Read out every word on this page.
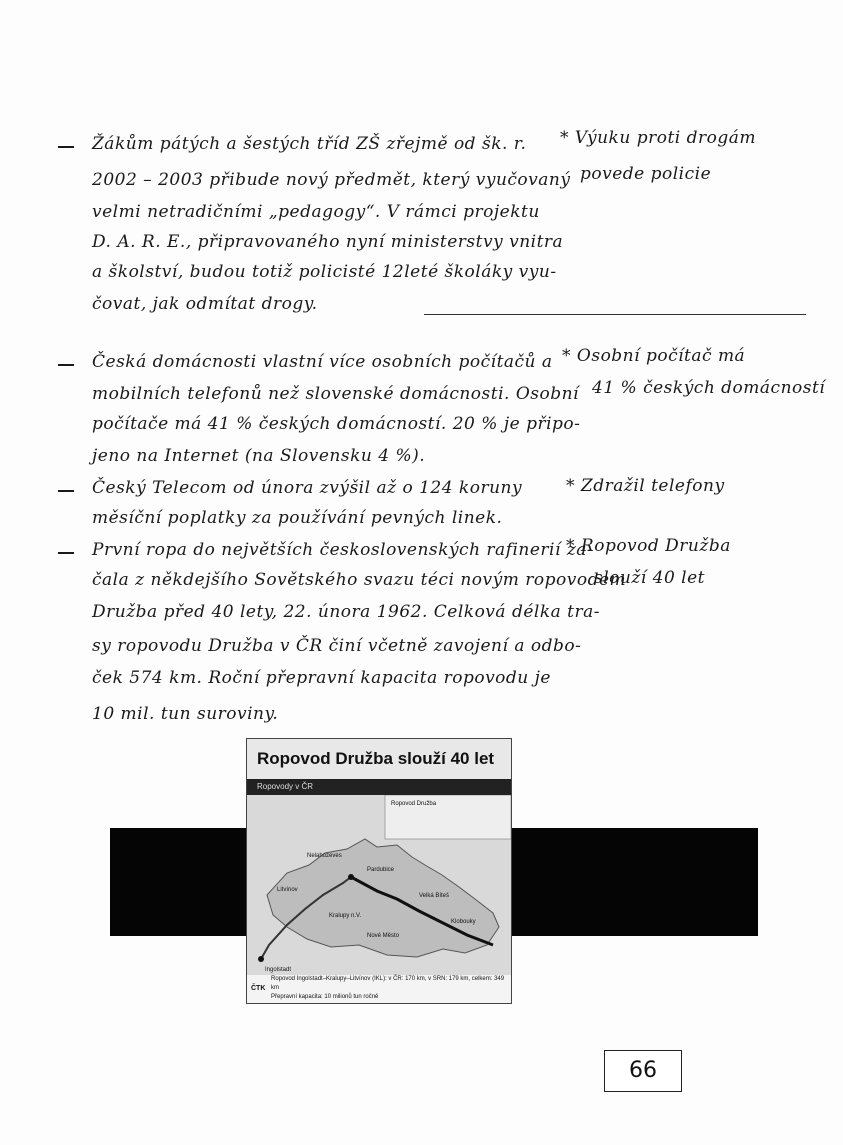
Žákům pátých a šestých tříd ZŠ zřejmě od šk. r.
2002 – 2003 přibude nový předmět, který vyučovaný
velmi netradičními „pedagogy“. V rámci projektu
D. A. R. E., připravovaného nyní ministerstvy vnitra
a školství, budou totiž policisté 12leté školáky vyu-
čovat, jak odmítat drogy.
* Výuku proti drogám
povede policie
Česká domácnosti vlastní více osobních počítačů a
mobilních telefonů než slovenské domácnosti. Osobní
počítače má 41 % českých domácností. 20 % je připo-
jeno na Internet (na Slovensku 4 %).
* Osobní počítač má
41 % českých domácností
Český Telecom od února zvýšil až o 124 koruny
měsíční poplatky za používání pevných linek.
* Zdražil telefony
První ropa do největších československých rafinerií za-
čala z někdejšího Sovětského svazu téci novým ropovodem
Družba před 40 lety, 22. února 1962. Celková délka tra-
sy ropovodu Družba v ČR činí včetně zavojení a odbo-
ček 574 km. Roční přepravní kapacita ropovodu je
10 mil. tun suroviny.
* Ropovod Družba
slouží 40 let
Ropovod Družba slouží 40 let
Ropovody v ČR
Ropovod Družba
Nelahozeves
Litvínov
Pardubice
Kralupy n.V.
Nové Město
Velká Bíteš
Klobouky
Ingolstadt
Ropovod Ingolstadt–Kralupy–Litvínov (IKL): v ČR: 170 km, v SRN: 179 km, celkem: 349 km
Přepravní kapacita: 10 milionů tun ročně
ČTK
66
